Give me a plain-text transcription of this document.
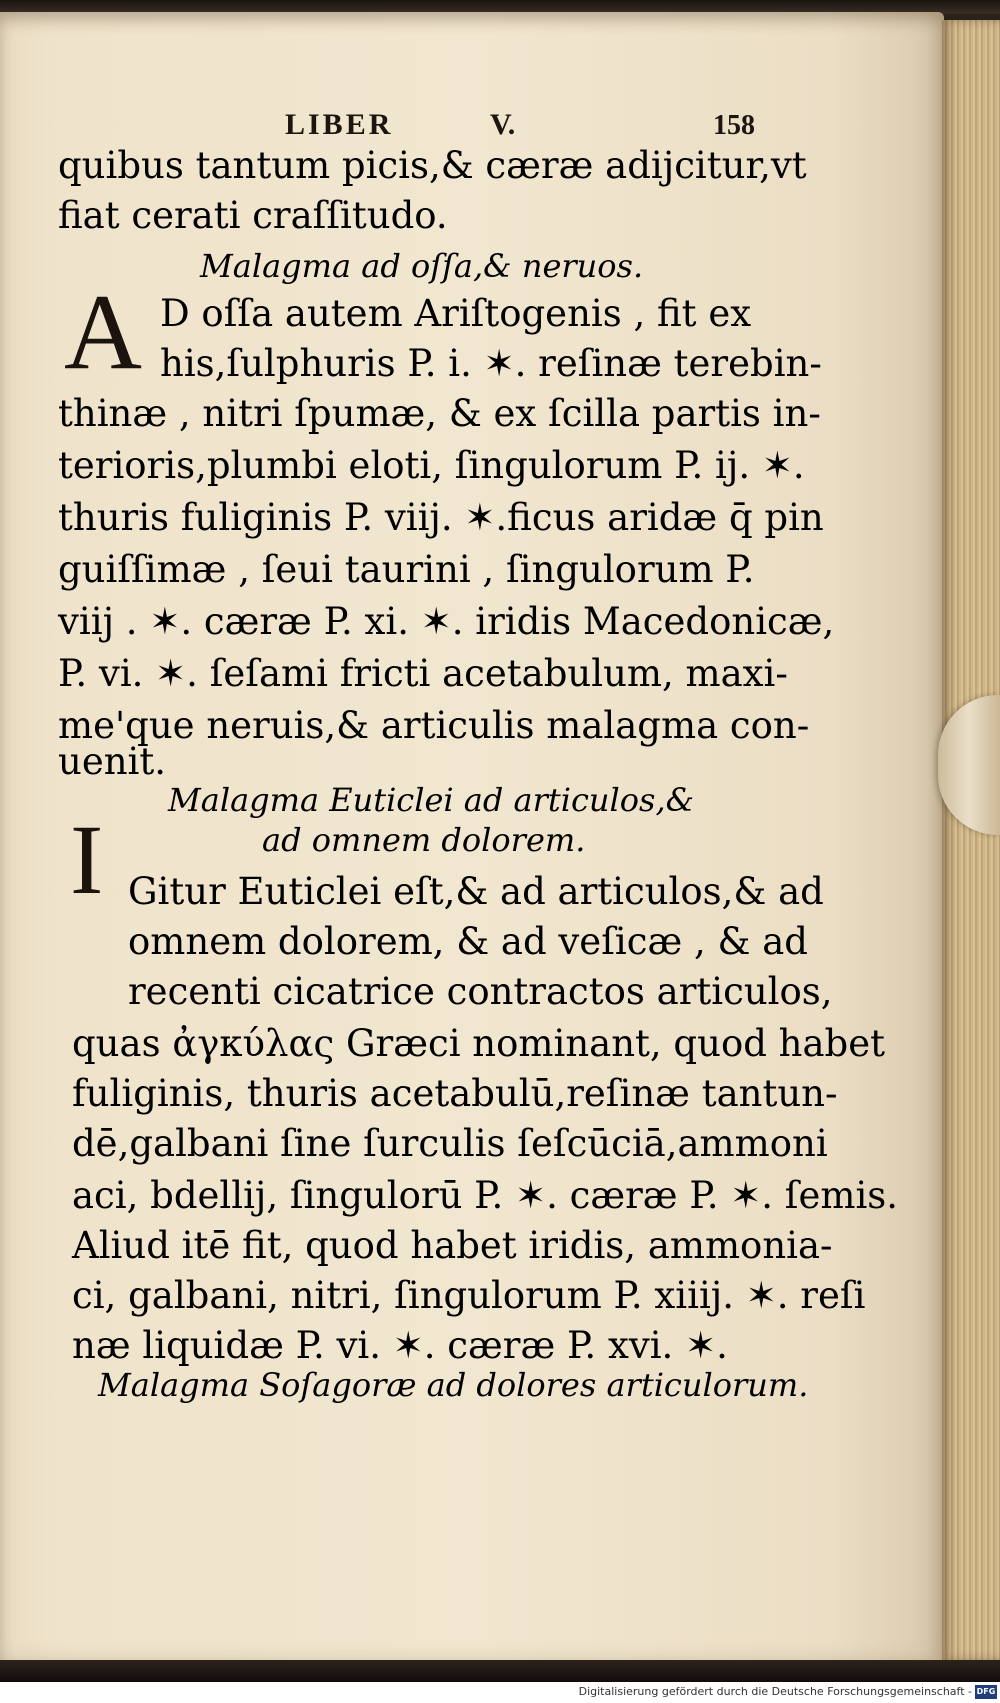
LIBER	V.	158
quibus tantum picis,& cæræ adijcitur,vt
fiat cerati craſſitudo.
Malagma ad oſſa,& neruos.
A D oſſa autem Ariſtogenis , fit ex
his,ſulphuris P. i. ✶. reſinæ terebin-
thinæ , nitri ſpumæ, & ex ſcilla partis in-
terioris,plumbi eloti, ſingulorum P. ij. ✶.
thuris fuliginis P. viij. ✶.ficus aridæ q̄ pin
guiſſimæ , ſeui taurini , ſingulorum P.
viij . ✶. cæræ P. xi. ✶. iridis Macedonicæ,
P. vi. ✶. ſeſami fricti acetabulum, maxi-
me'que neruis,& articulis malagma con-
uenit.
Malagma Euticlei ad articulos,&
ad omnem dolorem.
I Gitur Euticlei eſt,& ad articulos,& ad
omnem dolorem, & ad veſicæ , & ad
recenti cicatrice contractos articulos,
quas ἀγκύλας Græci nominant, quod habet
fuliginis, thuris acetabulū,reſinæ tantun-
dē,galbani ſine ſurculis ſeſcūciā,ammoni
aci, bdellij, ſingulorū P. ✶. cæræ P. ✶. ſemis.
Aliud itē fit, quod habet iridis, ammonia-
ci, galbani, nitri, ſingulorum P. xiiij. ✶. reſi
næ liquidæ P. vi. ✶. cæræ P. xvi. ✶.
Malagma Soſagoræ ad dolores articulorum.
Digitalisierung gefördert durch die Deutsche Forschungsgemeinschaft - DFG
